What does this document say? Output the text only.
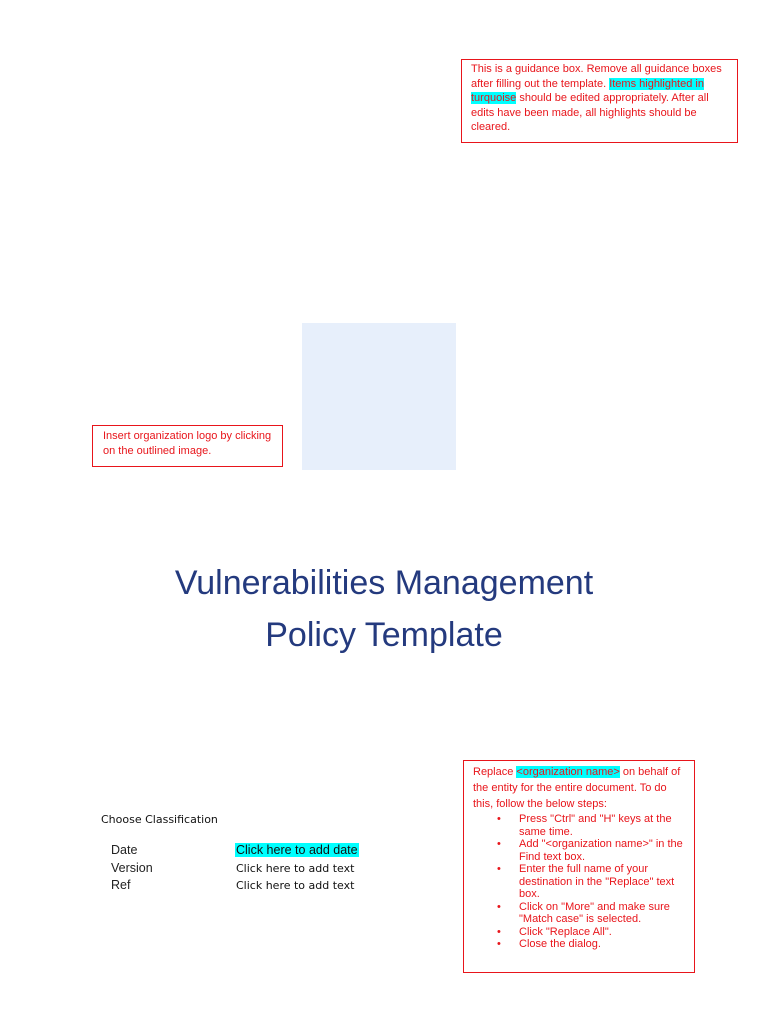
This is a guidance box. Remove all guidance boxes after filling out the template. Items highlighted in turquoise should be edited appropriately. After all edits have been made, all highlights should be cleared.
Insert organization logo by clicking on the outlined image.
Vulnerabilities Management
Policy Template
Choose Classification
Date	Click here to add date
Version	Click here to add text
Ref	Click here to add text
Replace <organization name> on behalf of the entity for the entire document. To do this, follow the below steps:
• Press "Ctrl" and "H" keys at the same time.
• Add "<organization name>" in the Find text box.
• Enter the full name of your destination in the "Replace" text box.
• Click on "More" and make sure "Match case" is selected.
• Click "Replace All".
• Close the dialog.
